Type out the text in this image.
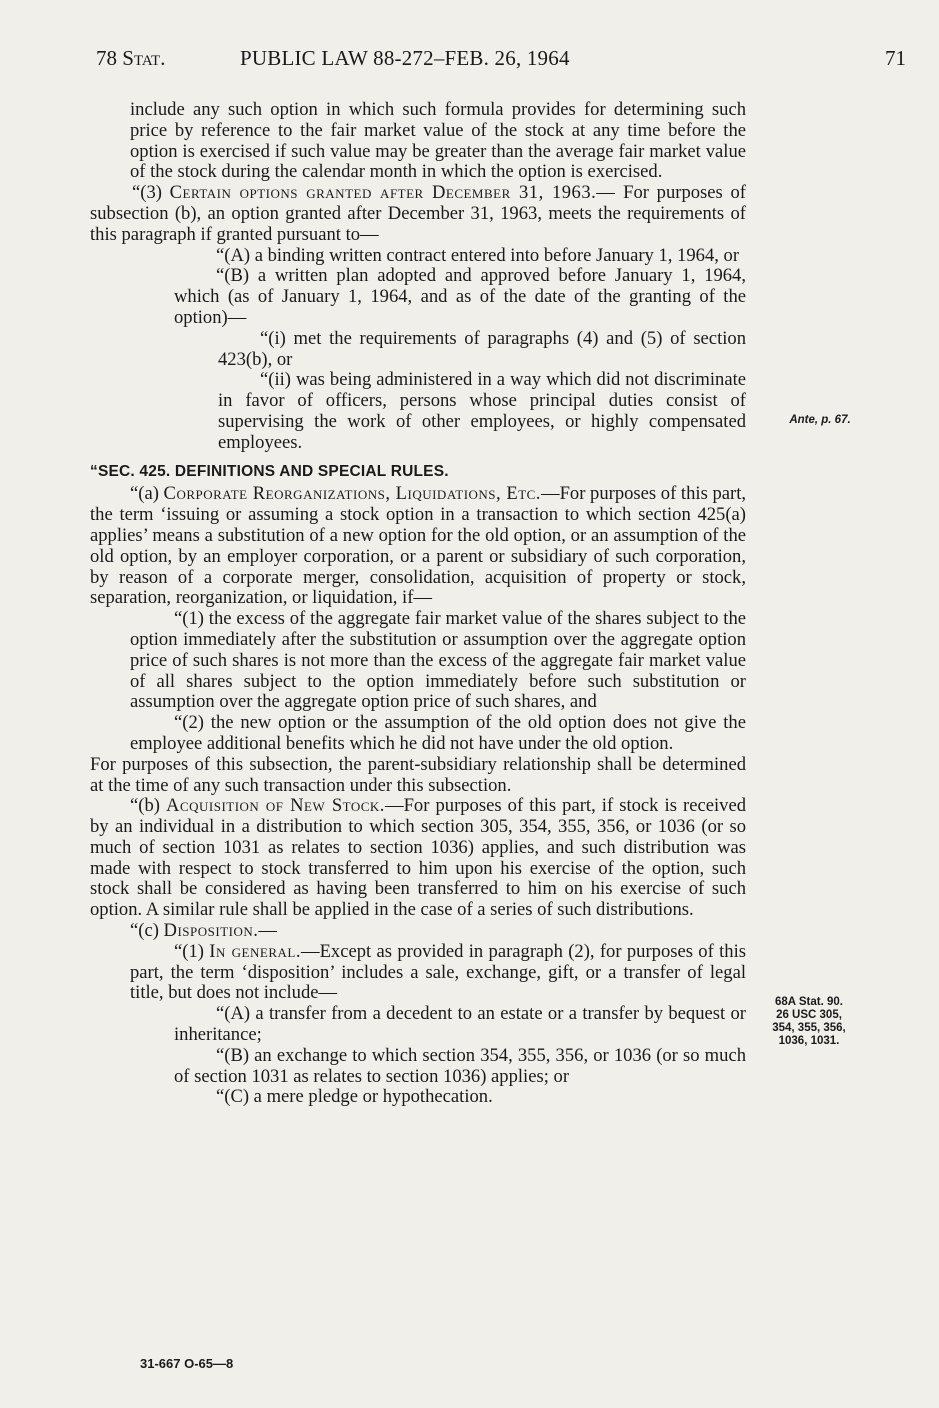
78 Stat.	PUBLIC LAW 88-272–FEB. 26, 1964	71

include any such option in which such formula provides for determining such price by reference to the fair market value of the stock at any time before the option is exercised if such value may be greater than the average fair market value of the stock during the calendar month in which the option is exercised.

“(3) Certain options granted after December 31, 1963.— For purposes of subsection (b), an option granted after December 31, 1963, meets the requirements of this paragraph if granted pursuant to—

“(A) a binding written contract entered into before January 1, 1964, or

“(B) a written plan adopted and approved before January 1, 1964, which (as of January 1, 1964, and as of the date of the granting of the option)—

“(i) met the requirements of paragraphs (4) and (5) of section 423(b), or

“(ii) was being administered in a way which did not discriminate in favor of officers, persons whose principal duties consist of supervising the work of other employees, or highly compensated employees.

“SEC. 425. DEFINITIONS AND SPECIAL RULES.

“(a) Corporate Reorganizations, Liquidations, Etc.—For purposes of this part, the term ‘issuing or assuming a stock option in a transaction to which section 425(a) applies’ means a substitution of a new option for the old option, or an assumption of the old option, by an employer corporation, or a parent or subsidiary of such corporation, by reason of a corporate merger, consolidation, acquisition of property or stock, separation, reorganization, or liquidation, if—

“(1) the excess of the aggregate fair market value of the shares subject to the option immediately after the substitution or assumption over the aggregate option price of such shares is not more than the excess of the aggregate fair market value of all shares subject to the option immediately before such substitution or assumption over the aggregate option price of such shares, and

“(2) the new option or the assumption of the old option does not give the employee additional benefits which he did not have under the old option.

For purposes of this subsection, the parent-subsidiary relationship shall be determined at the time of any such transaction under this subsection.

“(b) Acquisition of New Stock.—For purposes of this part, if stock is received by an individual in a distribution to which section 305, 354, 355, 356, or 1036 (or so much of section 1031 as relates to section 1036) applies, and such distribution was made with respect to stock transferred to him upon his exercise of the option, such stock shall be considered as having been transferred to him on his exercise of such option. A similar rule shall be applied in the case of a series of such distributions.

“(c) Disposition.—

“(1) In general.—Except as provided in paragraph (2), for purposes of this part, the term ‘disposition’ includes a sale, exchange, gift, or a transfer of legal title, but does not include—

“(A) a transfer from a decedent to an estate or a transfer by bequest or inheritance;

“(B) an exchange to which section 354, 355, 356, or 1036 (or so much of section 1031 as relates to section 1036) applies; or

“(C) a mere pledge or hypothecation.

Ante, p. 67.
68A Stat. 90.
26 USC 305,
354, 355, 356,
1036, 1031.
31-667 O-65—8
